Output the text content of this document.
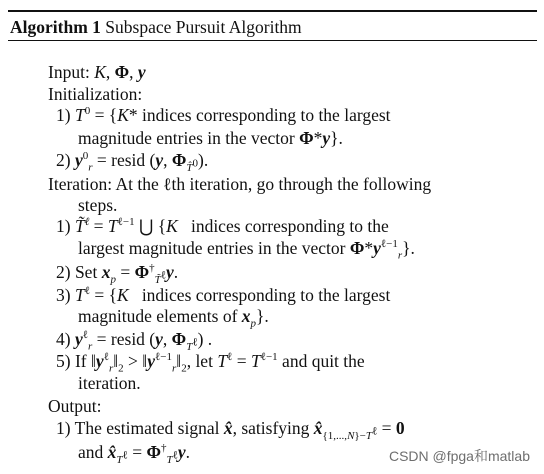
Algorithm 1 Subspace Pursuit Algorithm
Input: K, Φ, y
Initialization:
1) $T^0 = \{K*$ indices corresponding to the largest
magnitude entries in the vector Φ*y}.
2) $y^0_r$ = resid (y, $\Phi_{T̂^0}$).
Iteration: At the ℓth iteration, go through the following
steps.
1) T̃$^\ell$ = $T^{\ell-1}$ ⋃ {K   indices corresponding to the
largest magnitude entries in the vector $\Phi*y^{\ell-1}_r$}.
2) Set $x_p = \Phi^\dagger_{T̃^\ell}y$.
3) $T^\ell = \{K$   indices corresponding to the largest
magnitude elements of $x_p$}.
4) $y^\ell_r$ = resid (y, $\Phi_{T^\ell}$) .
5) If $‖y^\ell_r‖_2$ > $‖y^{\ell-1}_r‖_2$, let $T^\ell = T^{\ell-1}$ and quit the
iteration.
Output:
1) The estimated signal x̂, satisfying $x̂_{\{1,...,N\}-T^\ell} = 0$
and $x̂_{T^\ell} = \Phi^\dagger_{T^\ell}y$.	CSDN @fpga和matlab
